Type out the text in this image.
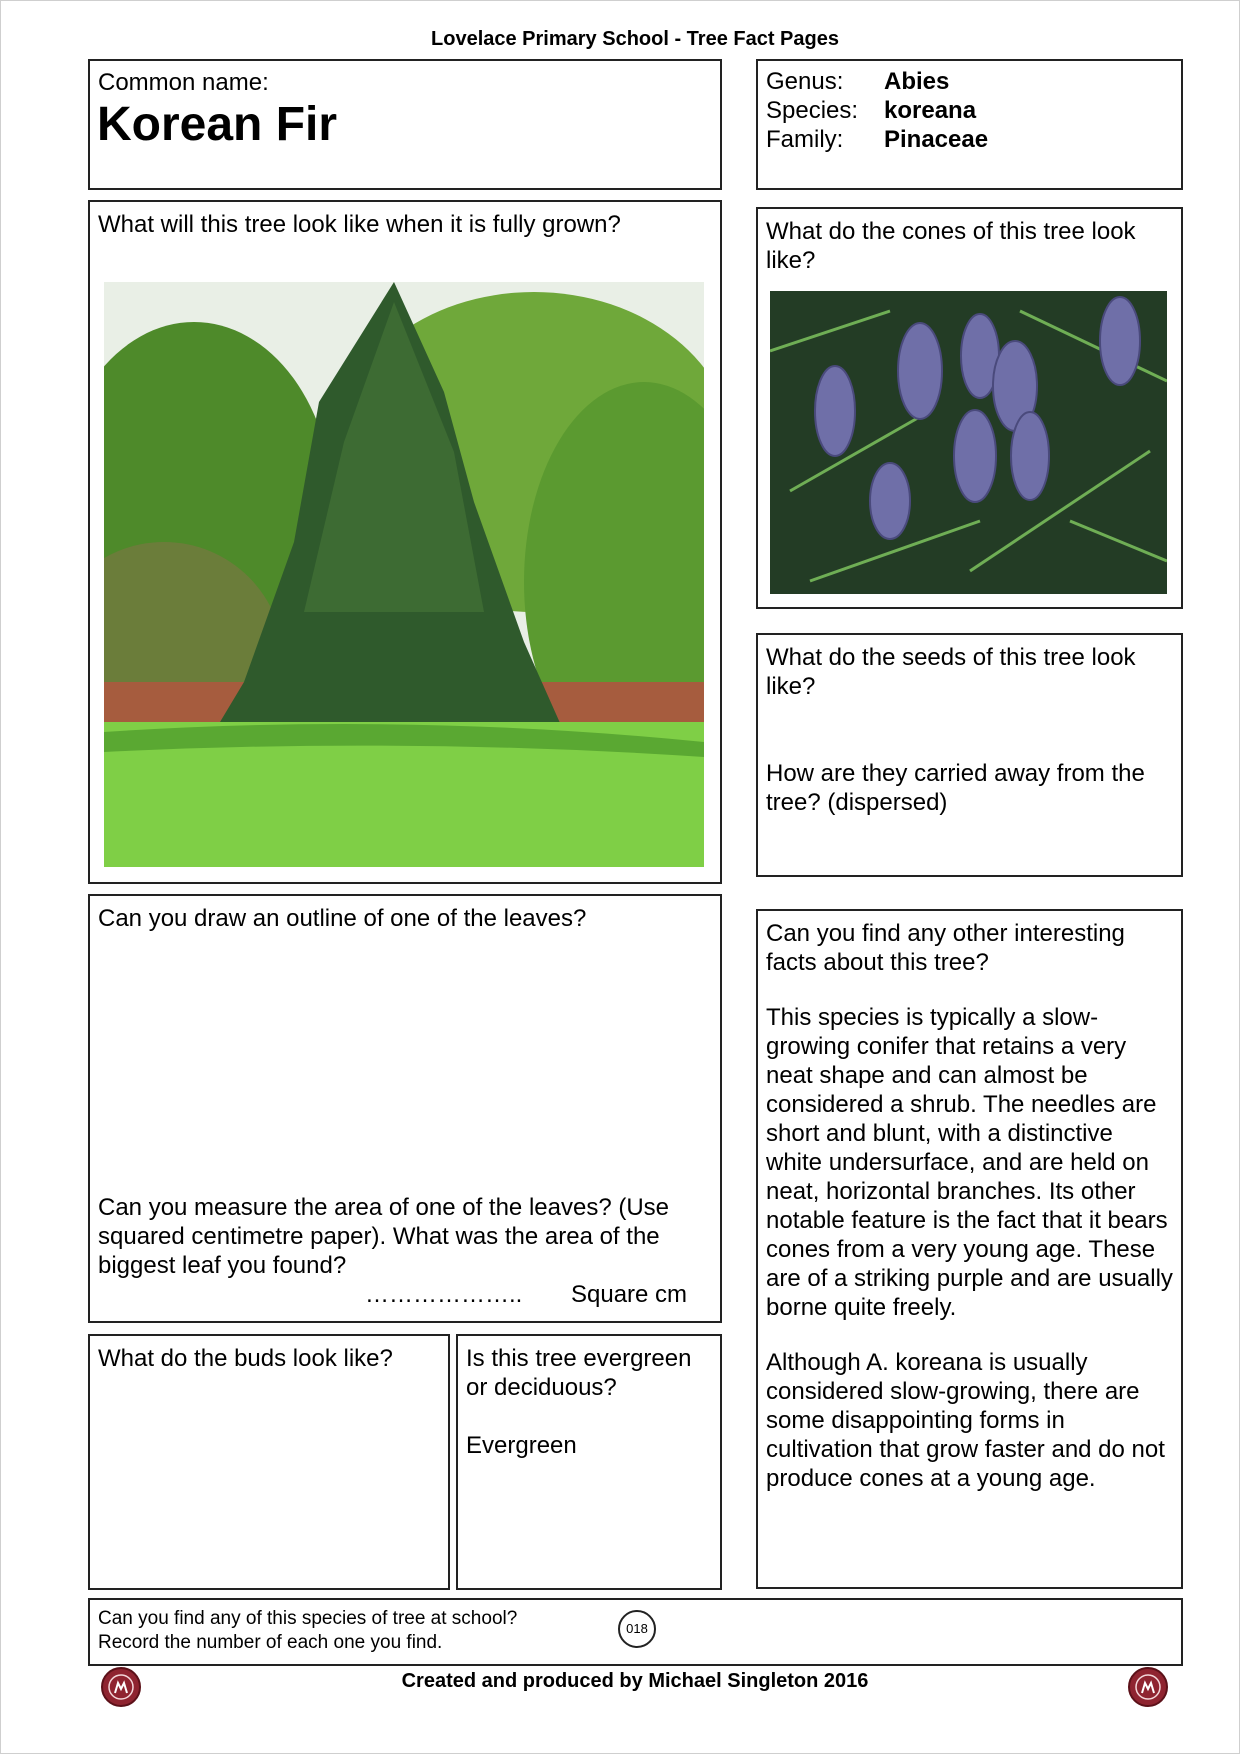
Lovelace Primary School - Tree Fact Pages
Common name:
Korean Fir
Genus:	Abies
Species:	koreana
Family:	Pinaceae
What will this tree look like when it is fully grown?	What do the cones of this tree look like?
What do the seeds of this tree look like?
How are they carried away from the tree? (dispersed)
Can you draw an outline of one of the leaves?
Can you measure the area of one of the leaves? (Use squared centimetre paper). What was the area of the biggest leaf you found?
……………….. Square cm

Can you find any other interesting facts about this tree?

This species is typically a slow-growing conifer that retains a very neat shape and can almost be considered a shrub. The needles are short and blunt, with a distinctive white undersurface, and are held on neat, horizontal branches. Its other notable feature is the fact that it bears cones from a very young age. These are of a striking purple and are usually borne quite freely.

Although A. koreana is usually considered slow-growing, there are some disappointing forms in cultivation that grow faster and do not produce cones at a young age.

What do the buds look like?	Is this tree evergreen or deciduous?
Evergreen
Can you find any of this species of tree at school?
Record the number of each one you find.
018
Created and produced by Michael Singleton 2016
